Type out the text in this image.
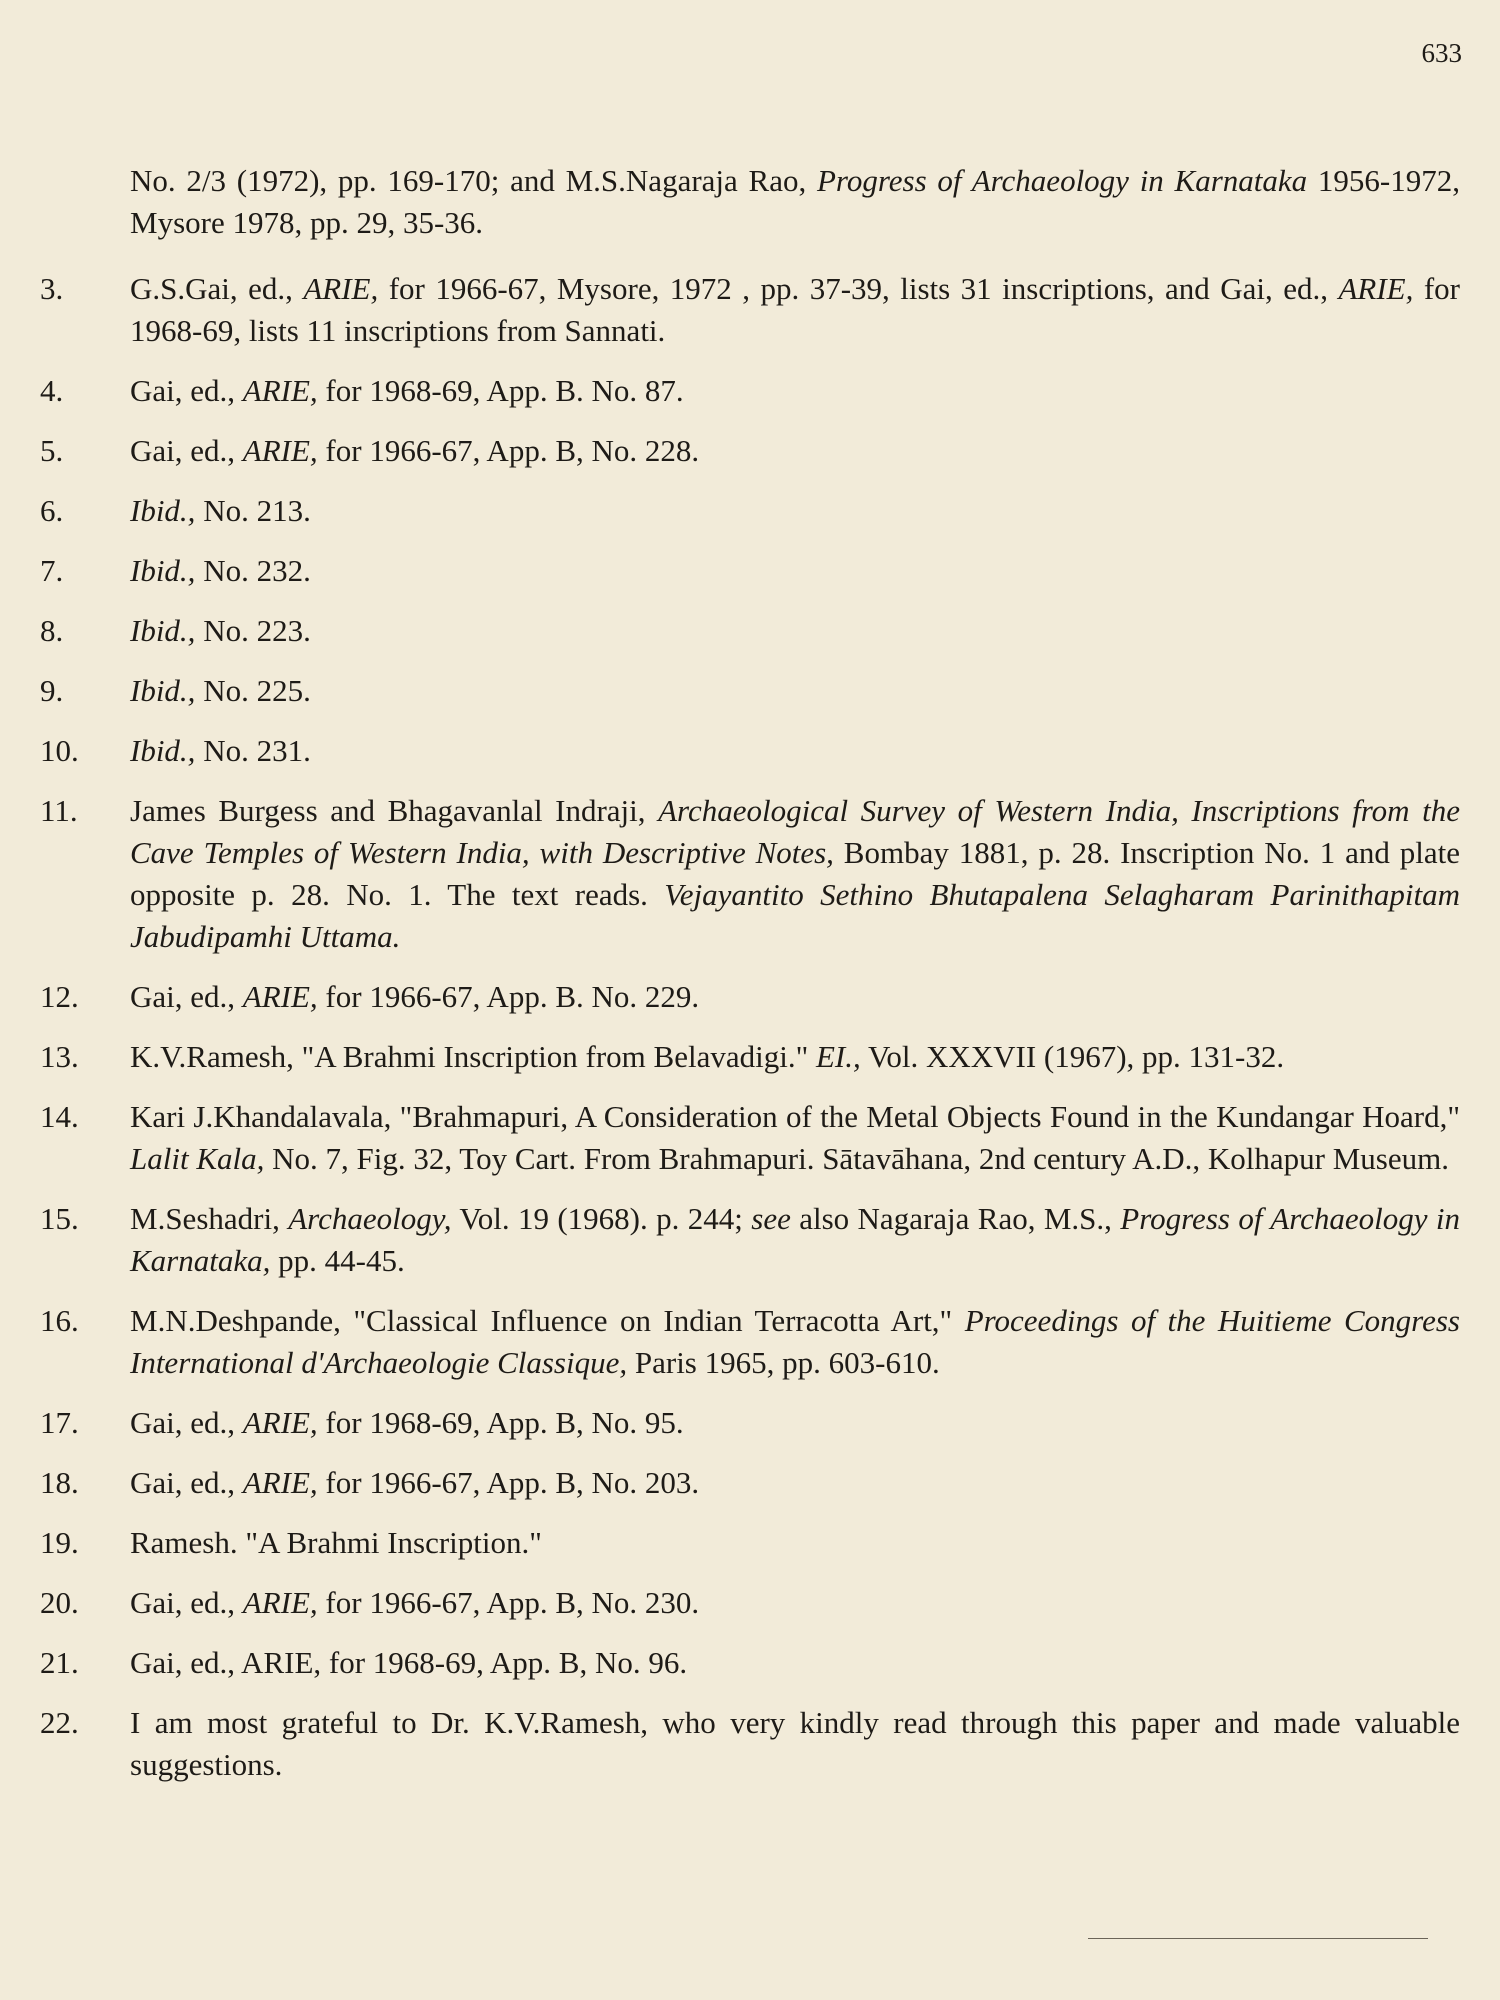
633
No. 2/3 (1972), pp. 169-170; and M.S.Nagaraja Rao, Progress of Archaeology in Karnataka 1956-1972, Mysore 1978, pp. 29, 35-36.
3.	G.S.Gai, ed., ARIE, for 1966-67, Mysore, 1972 , pp. 37-39, lists 31 inscriptions, and Gai, ed., ARIE, for 1968-69, lists 11 inscriptions from Sannati.
4.	Gai, ed., ARIE, for 1968-69, App. B. No. 87.
5.	Gai, ed., ARIE, for 1966-67, App. B, No. 228.
6.	Ibid., No. 213.
7.	Ibid., No. 232.
8.	Ibid., No. 223.
9.	Ibid., No. 225.
10.	Ibid., No. 231.
11.	James Burgess and Bhagavanlal Indraji, Archaeological Survey of Western India, Inscriptions from the Cave Temples of Western India, with Descriptive Notes, Bombay 1881, p. 28. Inscription No. 1 and plate opposite p. 28. No. 1. The text reads. Vejayantito Sethino Bhutapalena Selagharam Parinithapitam Jabudipamhi Uttama.
12.	Gai, ed., ARIE, for 1966-67, App. B. No. 229.
13.	K.V.Ramesh, "A Brahmi Inscription from Belavadigi." EI., Vol. XXXVII (1967), pp. 131-32.
14.	Kari J.Khandalavala, "Brahmapuri, A Consideration of the Metal Objects Found in the Kundangar Hoard," Lalit Kala, No. 7, Fig. 32, Toy Cart. From Brahmapuri. Sātavāhana, 2nd century A.D., Kolhapur Museum.
15.	M.Seshadri, Archaeology, Vol. 19 (1968). p. 244; see also Nagaraja Rao, M.S., Progress of Archaeology in Karnataka, pp. 44-45.
16.	M.N.Deshpande, "Classical Influence on Indian Terracotta Art," Proceedings of the Huitieme Congress International d'Archaeologie Classique, Paris 1965, pp. 603-610.
17.	Gai, ed., ARIE, for 1968-69, App. B, No. 95.
18.	Gai, ed., ARIE, for 1966-67, App. B, No. 203.
19.	Ramesh. "A Brahmi Inscription."
20.	Gai, ed., ARIE, for 1966-67, App. B, No. 230.
21.	Gai, ed., ARIE, for 1968-69, App. B, No. 96.
22.	I am most grateful to Dr. K.V.Ramesh, who very kindly read through this paper and made valuable suggestions.
